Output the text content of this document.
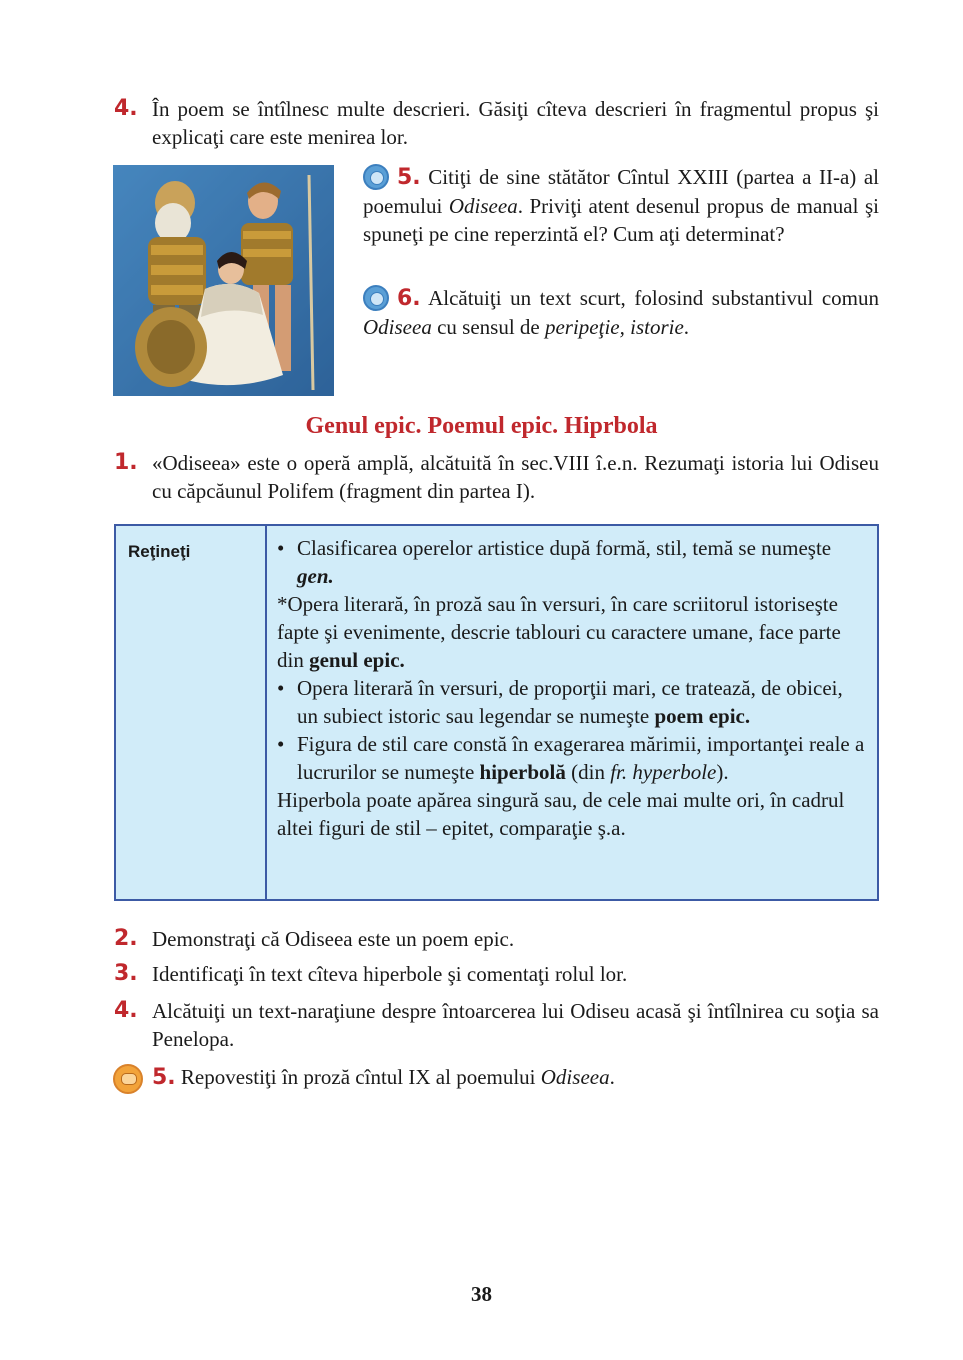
4. În poem se întîlnesc multe descrieri. Găsiţi cîteva descrieri în fragmentul propus şi explicaţi care este menirea lor.
5. Citiţi de sine stătător Cîntul XXIII (partea a II-a) al poemului Odiseea. Priviţi atent desenul propus de manual şi spuneţi pe cine reperzintă el? Cum aţi determinat?
6. Alcătuiţi un text scurt, folosind substantivul comun Odiseea cu sensul de peripeţie, istorie.
Genul epic. Poemul epic. Hiprbola
1. «Odiseea» este o operă amplă, alcătuită în sec.VIII î.e.n. Rezumaţi istoria lui Odiseu cu căpcăunul Polifem (fragment din partea I).
Reţineţi
•	Clasificarea operelor artistice după formă, stil, temă se numeşte gen.
*Opera literară, în proză sau în versuri, în care scriitorul istoriseşte fapte şi evenimente, descrie tablouri cu caractere umane, face parte din genul epic.
• Opera literară în versuri, de proporţii mari, ce tratează, de obicei, un subiect istoric sau legendar se numeşte poem epic.
• Figura de stil care constă în exagerarea mărimii, importanţei reale a lucrurilor se numeşte hiperbolă (din fr. hyperbole).
Hiperbola poate apărea singură sau, de cele mai multe ori, în cadrul altei figuri de stil – epitet, comparaţie ş.a.
2. Demonstraţi că Odiseea este un poem epic.
3. Identificaţi în text cîteva hiperbole şi comentaţi rolul lor.
4. Alcătuiţi un text-naraţiune despre întoarcerea lui Odiseu acasă şi întîlnirea cu soţia sa Penelopa.
5. Repovestiţi în proză cîntul IX al poemului Odiseea.
38
